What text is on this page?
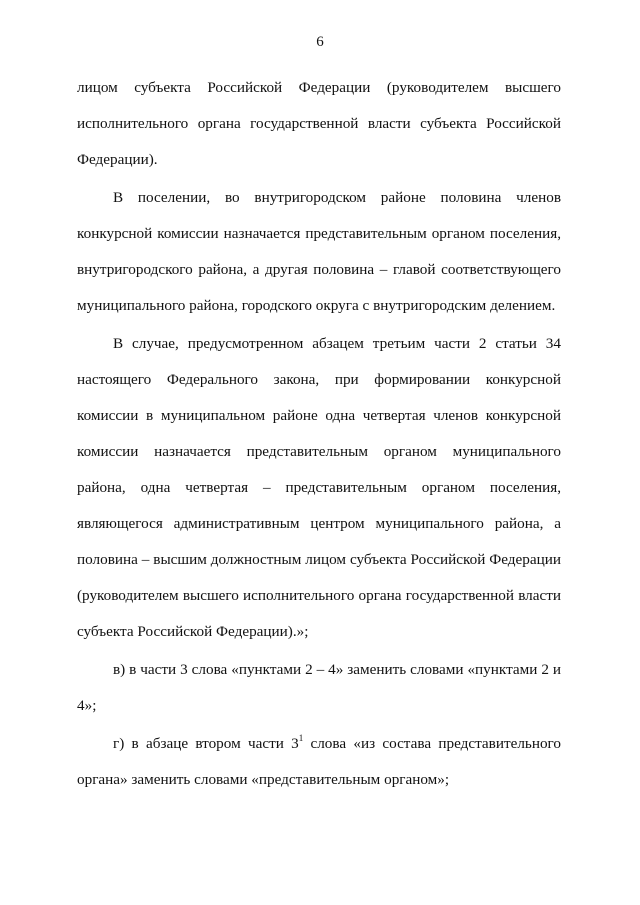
6

лицом субъекта Российской Федерации (руководителем высшего исполнительного органа государственной власти субъекта Российской Федерации).

В поселении, во внутригородском районе половина членов конкурсной комиссии назначается представительным органом поселения, внутригородского района, а другая половина – главой соответствующего муниципального района, городского округа с внутригородским делением.

В случае, предусмотренном абзацем третьим части 2 статьи 34 настоящего Федерального закона, при формировании конкурсной комиссии в муниципальном районе одна четвертая членов конкурсной комиссии назначается представительным органом муниципального района, одна четвертая – представительным органом поселения, являющегося административным центром муниципального района, а половина – высшим должностным лицом субъекта Российской Федерации (руководителем высшего исполнительного органа государственной власти субъекта Российской Федерации).»;

в) в части 3 слова «пунктами 2 – 4» заменить словами «пунктами 2 и 4»;

г) в абзаце втором части $3^1$ слова «из состава представительного органа» заменить словами «представительным органом»;
